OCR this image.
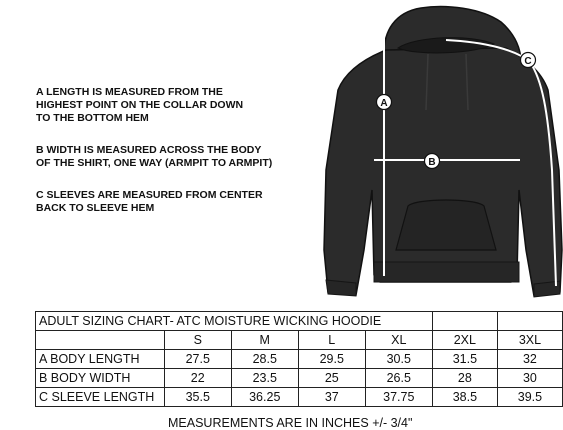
A LENGTH IS MEASURED FROM THE
HIGHEST POINT ON THE COLLAR DOWN
TO THE BOTTOM HEM

B WIDTH IS MEASURED ACROSS THE BODY
OF THE SHIRT, ONE WAY (ARMPIT TO ARMPIT)

C SLEEVES ARE MEASURED FROM CENTER
BACK TO SLEEVE HEM

A
B
C
ADULT SIZING CHART- ATC MOISTURE WICKING HOODIE						
	S	M	L	XL	2XL	3XL
A BODY LENGTH	27.5	28.5	29.5	30.5	31.5	32
B BODY WIDTH	22	23.5	25	26.5	28	30
C SLEEVE LENGTH	35.5	36.25	37	37.75	38.5	39.5
MEASUREMENTS ARE IN INCHES +/- 3/4"
